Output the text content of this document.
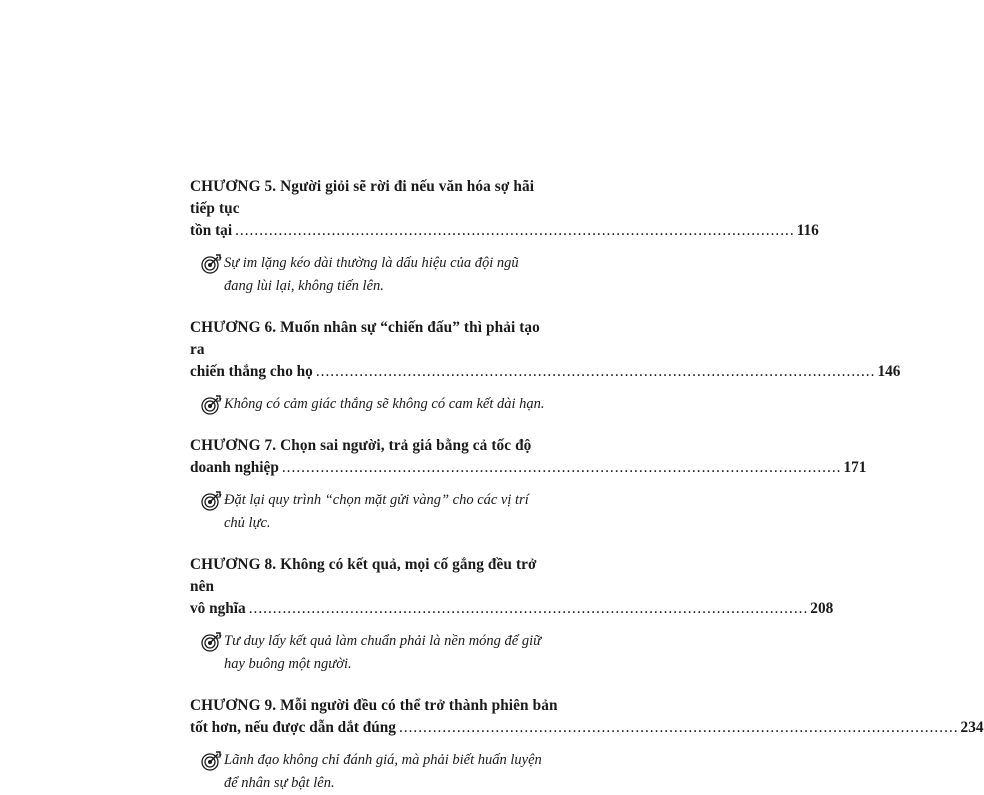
CHƯƠNG 5. Người giỏi sẽ rời đi nếu văn hóa sợ hãi tiếp tục
tồn tại .................................................................................................................... 116
Sự im lặng kéo dài thường là dấu hiệu của đội ngũ đang lùi lại, không tiến lên.
CHƯƠNG 6. Muốn nhân sự “chiến đấu” thì phải tạo ra
chiến thắng cho họ .................................................................................................................... 146
Không có cảm giác thắng sẽ không có cam kết dài hạn.
CHƯƠNG 7. Chọn sai người, trả giá bằng cả tốc độ
doanh nghiệp .................................................................................................................... 171
Đặt lại quy trình “chọn mặt gửi vàng” cho các vị trí chủ lực.
CHƯƠNG 8. Không có kết quả, mọi cố gắng đều trở nên
vô nghĩa .................................................................................................................... 208
Tư duy lấy kết quả làm chuẩn phải là nền móng để giữ hay buông một người.
CHƯƠNG 9. Mỗi người đều có thể trở thành phiên bản
tốt hơn, nếu được dẫn dắt đúng .................................................................................................................... 234
Lãnh đạo không chỉ đánh giá, mà phải biết huấn luyện để nhân sự bật lên.
